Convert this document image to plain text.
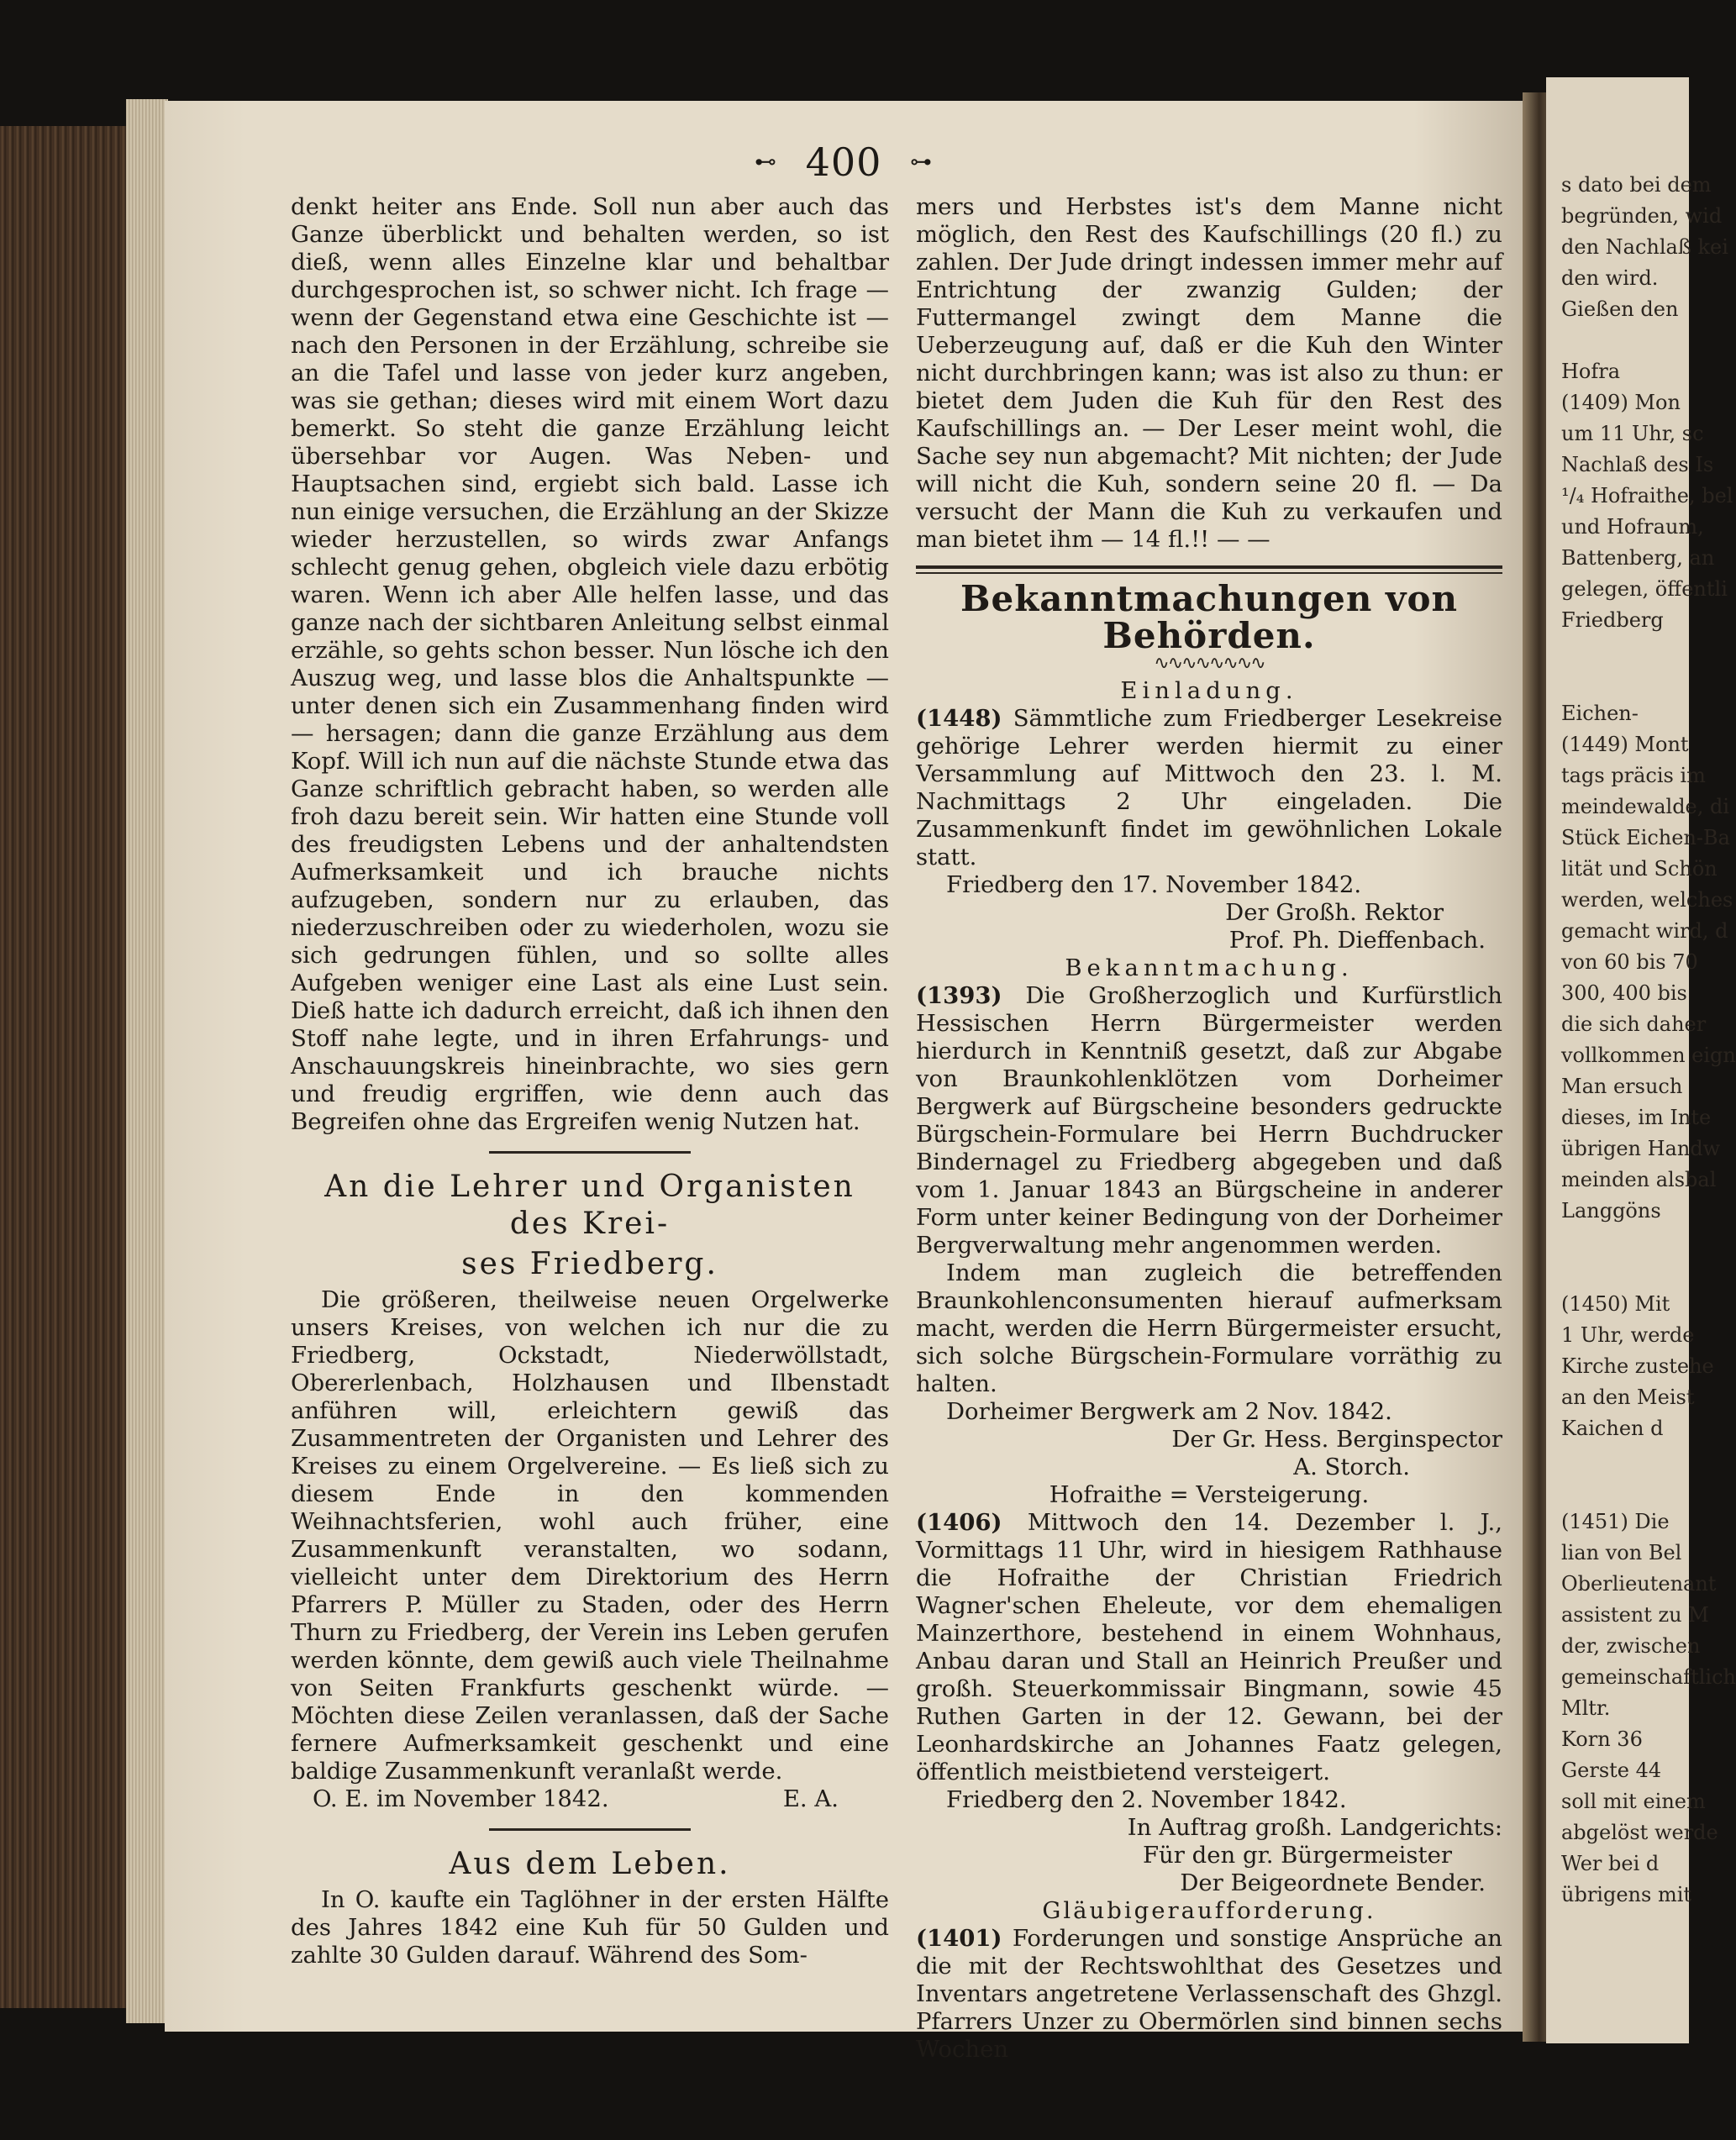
⊷ 400 ⊶

denkt heiter ans Ende. Soll nun aber auch das Ganze überblickt und behalten werden, so ist dieß, wenn alles Einzelne klar und behaltbar durchgesprochen ist, so schwer nicht. Ich frage — wenn der Gegenstand etwa eine Geschichte ist — nach den Personen in der Erzählung, schreibe sie an die Tafel und lasse von jeder kurz angeben, was sie gethan; dieses wird mit einem Wort dazu bemerkt. So steht die ganze Erzählung leicht übersehbar vor Augen. Was Neben- und Hauptsachen sind, ergiebt sich bald. Lasse ich nun einige versuchen, die Erzählung an der Skizze wieder herzustellen, so wirds zwar Anfangs schlecht genug gehen, obgleich viele dazu erbötig waren. Wenn ich aber Alle helfen lasse, und das ganze nach der sichtbaren Anleitung selbst einmal erzähle, so gehts schon besser. Nun lösche ich den Auszug weg, und lasse blos die Anhaltspunkte — unter denen sich ein Zusammenhang finden wird — hersagen; dann die ganze Erzählung aus dem Kopf. Will ich nun auf die nächste Stunde etwa das Ganze schriftlich gebracht haben, so werden alle froh dazu bereit sein. Wir hatten eine Stunde voll des freudigsten Lebens und der anhaltendsten Aufmerksamkeit und ich brauche nichts aufzugeben, sondern nur zu erlauben, das niederzuschreiben oder zu wiederholen, wozu sie sich gedrungen fühlen, und so sollte alles Aufgeben weniger eine Last als eine Lust sein. Dieß hatte ich dadurch erreicht, daß ich ihnen den Stoff nahe legte, und in ihren Erfahrungs- und Anschauungskreis hineinbrachte, wo sies gern und freudig ergriffen, wie denn auch das Begreifen ohne das Ergreifen wenig Nutzen hat.

An die Lehrer und Organisten des Krei-
ses Friedberg.

Die größeren, theilweise neuen Orgelwerke unsers Kreises, von welchen ich nur die zu Friedberg, Ockstadt, Niederwöllstadt, Obererlenbach, Holzhausen und Ilbenstadt anführen will, erleichtern gewiß das Zusammentreten der Organisten und Lehrer des Kreises zu einem Orgelvereine. — Es ließ sich zu diesem Ende in den kommenden Weihnachtsferien, wohl auch früher, eine Zusammenkunft veranstalten, wo sodann, vielleicht unter dem Direktorium des Herrn Pfarrers P. Müller zu Staden, oder des Herrn Thurn zu Friedberg, der Verein ins Leben gerufen werden könnte, dem gewiß auch viele Theilnahme von Seiten Frankfurts geschenkt würde. — Möchten diese Zeilen veranlassen, daß der Sache fernere Aufmerksamkeit geschenkt und eine baldige Zusammenkunft veranlaßt werde.

O. E. im November 1842.	E. A.
Aus dem Leben.

In O. kaufte ein Taglöhner in der ersten Hälfte des Jahres 1842 eine Kuh für 50 Gulden und zahlte 30 Gulden darauf. Während des Som-

mers und Herbstes ist's dem Manne nicht möglich, den Rest des Kaufschillings (20 fl.) zu zahlen. Der Jude dringt indessen immer mehr auf Entrichtung der zwanzig Gulden; der Futtermangel zwingt dem Manne die Ueberzeugung auf, daß er die Kuh den Winter nicht durchbringen kann; was ist also zu thun: er bietet dem Juden die Kuh für den Rest des Kaufschillings an. — Der Leser meint wohl, die Sache sey nun abgemacht? Mit nichten; der Jude will nicht die Kuh, sondern seine 20 fl. — Da versucht der Mann die Kuh zu verkaufen und man bietet ihm — 14 fl.!! — —

Bekanntmachungen von Behörden.
∿∿∿∿∿∿∿∿
Einladung.

(1448) Sämmtliche zum Friedberger Lesekreise gehörige Lehrer werden hiermit zu einer Versammlung auf Mittwoch den 23. l. M. Nachmittags 2 Uhr eingeladen. Die Zusammenkunft findet im gewöhnlichen Lokale statt.

Friedberg den 17. November 1842.

Der Großh. Rektor
Prof. Ph. Dieffenbach.
Bekanntmachung.

(1393) Die Großherzoglich und Kurfürstlich Hessischen Herrn Bürgermeister werden hierdurch in Kenntniß gesetzt, daß zur Abgabe von Braunkohlenklötzen vom Dorheimer Bergwerk auf Bürgscheine besonders gedruckte Bürgschein-Formulare bei Herrn Buchdrucker Bindernagel zu Friedberg abgegeben und daß vom 1. Januar 1843 an Bürgscheine in anderer Form unter keiner Bedingung von der Dorheimer Bergverwaltung mehr angenommen werden.

Indem man zugleich die betreffenden Braunkohlenconsumenten hierauf aufmerksam macht, werden die Herrn Bürgermeister ersucht, sich solche Bürgschein-Formulare vorräthig zu halten.

Dorheimer Bergwerk am 2 Nov. 1842.

Der Gr. Hess. Berginspector
A. Storch.
Hofraithe = Versteigerung.

(1406) Mittwoch den 14. Dezember l. J., Vormittags 11 Uhr, wird in hiesigem Rathhause die Hofraithe der Christian Friedrich Wagner'schen Eheleute, vor dem ehemaligen Mainzerthore, bestehend in einem Wohnhaus, Anbau daran und Stall an Heinrich Preußer und großh. Steuerkommissair Bingmann, sowie 45 Ruthen Garten in der 12. Gewann, bei der Leonhardskirche an Johannes Faatz gelegen, öffentlich meistbietend versteigert.

Friedberg den 2. November 1842.

In Auftrag großh. Landgerichts:
Für den gr. Bürgermeister
Der Beigeordnete Bender.
Gläubigeraufforderung.

(1401) Forderungen und sonstige Ansprüche an die mit der Rechtswohlthat des Gesetzes und Inventars angetretene Verlassenschaft des Ghzgl. Pfarrers Unzer zu Obermörlen sind binnen sechs Wochen

s dato bei dem
begründen, wid
den Nachlaß kei
den wird.
Gießen den

Hofra
(1409) Mon
um 11 Uhr, sc
Nachlaß des Is
¹/₄ Hofraithe, bel
und Hofraum,
Battenberg, an
gelegen, öffentli
Friedberg

Eichen-
(1449) Mont
tags präcis im
meindewalde, di
Stück Eichen-Ba
lität und Schön
werden, welches
gemacht wird, d
von 60 bis 70
300, 400 bis
die sich daher
vollkommen eign
Man ersuch
dieses, im Inte
übrigen Handw
meinden alsbal
Langgöns

(1450) Mit
1 Uhr, werde
Kirche zustehe
an den Meist
Kaichen d

(1451) Die
lian von Bel
Oberlieutenant
assistent zu M
der, zwischen
gemeinschaftlich
Mltr.
Korn 36
Gerste 44
soll mit einem
abgelöst werde
Wer bei d
übrigens mit
